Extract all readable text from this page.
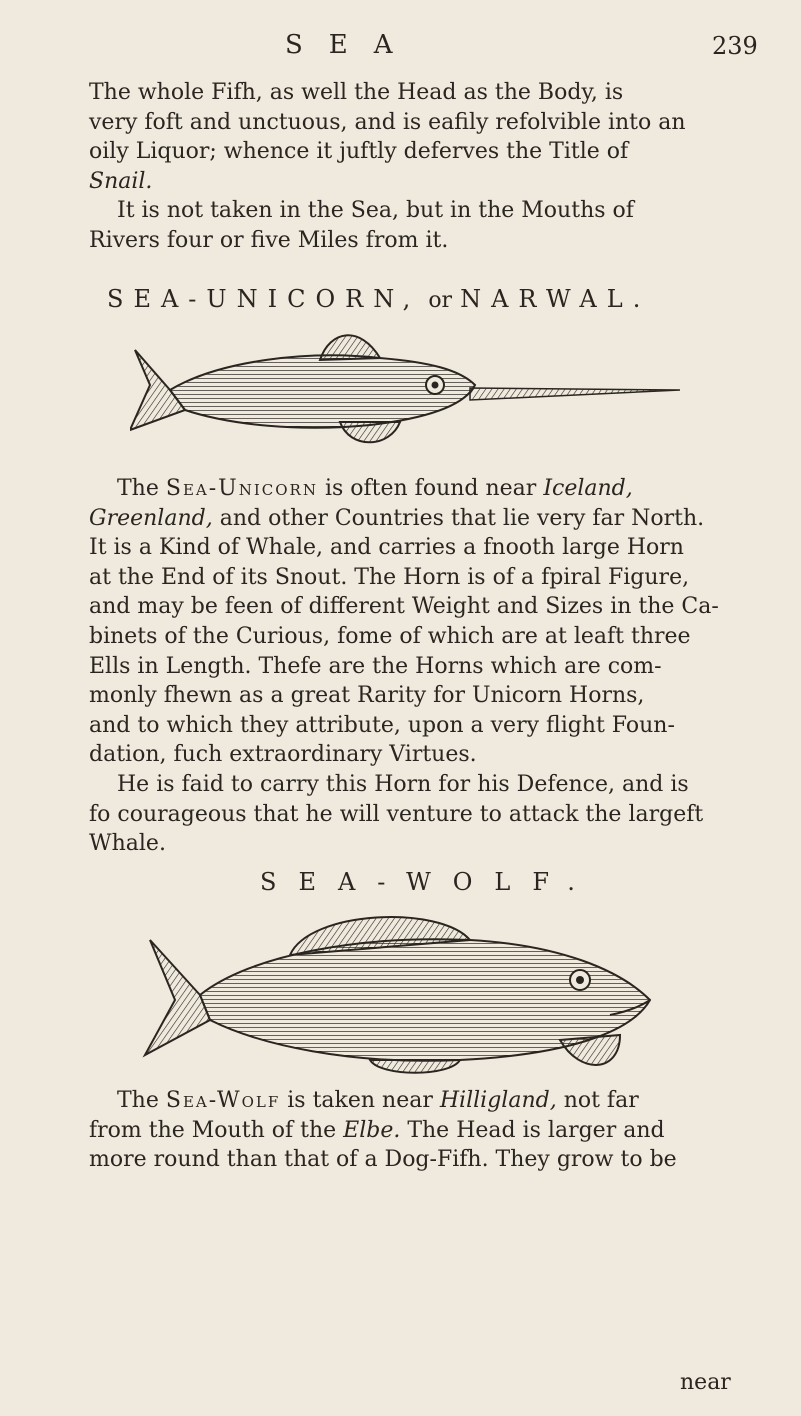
SEA	239
The whole Fifh, as well the Head as the Body, is
very foft and unctuous, and is eafily refolvible into an
oily Liquor; whence it juftly deferves the Title of
Snail.
It is not taken in the Sea, but in the Mouths of
Rivers four or five Miles from it.
SEA-UNICORN, or NARWAL.
The Sea-Unicorn is often found near Iceland,
Greenland, and other Countries that lie very far North.
It is a Kind of Whale, and carries a fnooth large Horn
at the End of its Snout. The Horn is of a fpiral Figure,
and may be feen of different Weight and Sizes in the Ca-
binets of the Curious, fome of which are at leaft three
Ells in Length. Thefe are the Horns which are com-
monly fhewn as a great Rarity for Unicorn Horns,
and to which they attribute, upon a very flight Foun-
dation, fuch extraordinary Virtues.
He is faid to carry this Horn for his Defence, and is
fo courageous that he will venture to attack the largeft
Whale.
SEA-WOLF.
The Sea-Wolf is taken near Hilligland, not far
from the Mouth of the Elbe. The Head is larger and
more round than that of a Dog-Fifh. They grow to be
near
